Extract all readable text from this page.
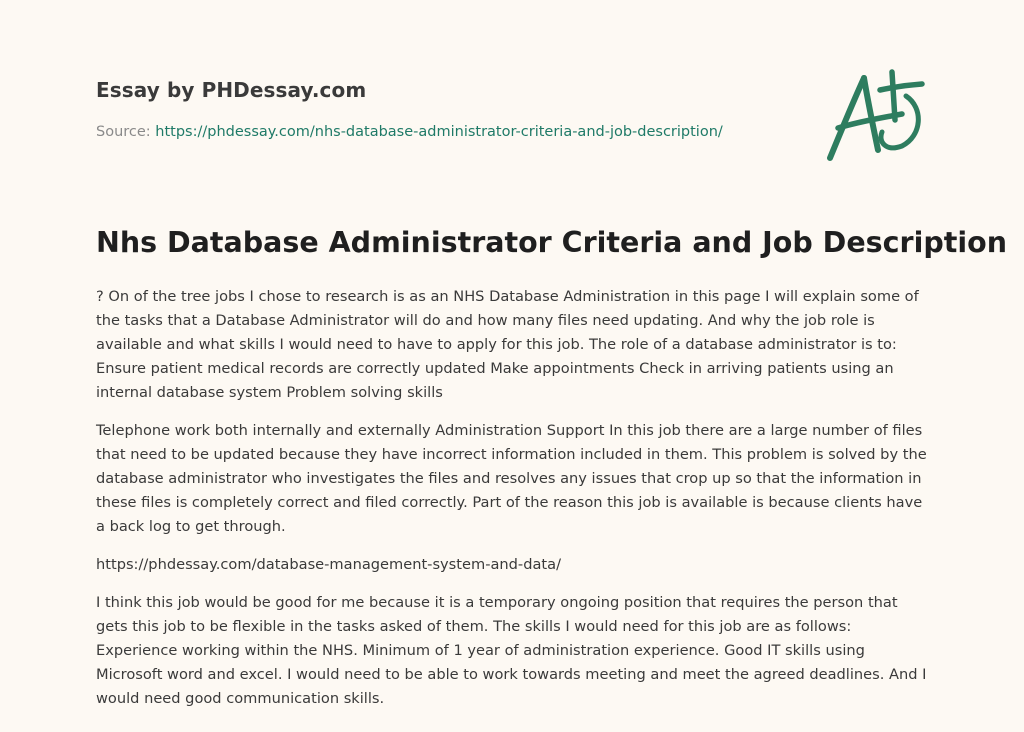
Essay by PHDessay.com
Source: https://phdessay.com/nhs-database-administrator-criteria-and-job-description/
Nhs Database Administrator Criteria and Job Description

? On of the tree jobs I chose to research is as an NHS Database Administration in this page I will explain some of the tasks that a Database Administrator will do and how many files need updating. And why the job role is available and what skills I would need to have to apply for this job. The role of a database administrator is to: Ensure patient medical records are correctly updated Make appointments Check in arriving patients using an internal database system Problem solving skills

Telephone work both internally and externally Administration Support In this job there are a large number of files that need to be updated because they have incorrect information included in them. This problem is solved by the database administrator who investigates the files and resolves any issues that crop up so that the information in these files is completely correct and filed correctly. Part of the reason this job is available is because clients have a back log to get through.

https://phdessay.com/database-management-system-and-data/

I think this job would be good for me because it is a temporary ongoing position that requires the person that gets this job to be flexible in the tasks asked of them. The skills I would need for this job are as follows: Experience working within the NHS. Minimum of 1 year of administration experience. Good IT skills using Microsoft word and excel. I would need to be able to work towards meeting and meet the agreed deadlines. And I would need good communication skills.
